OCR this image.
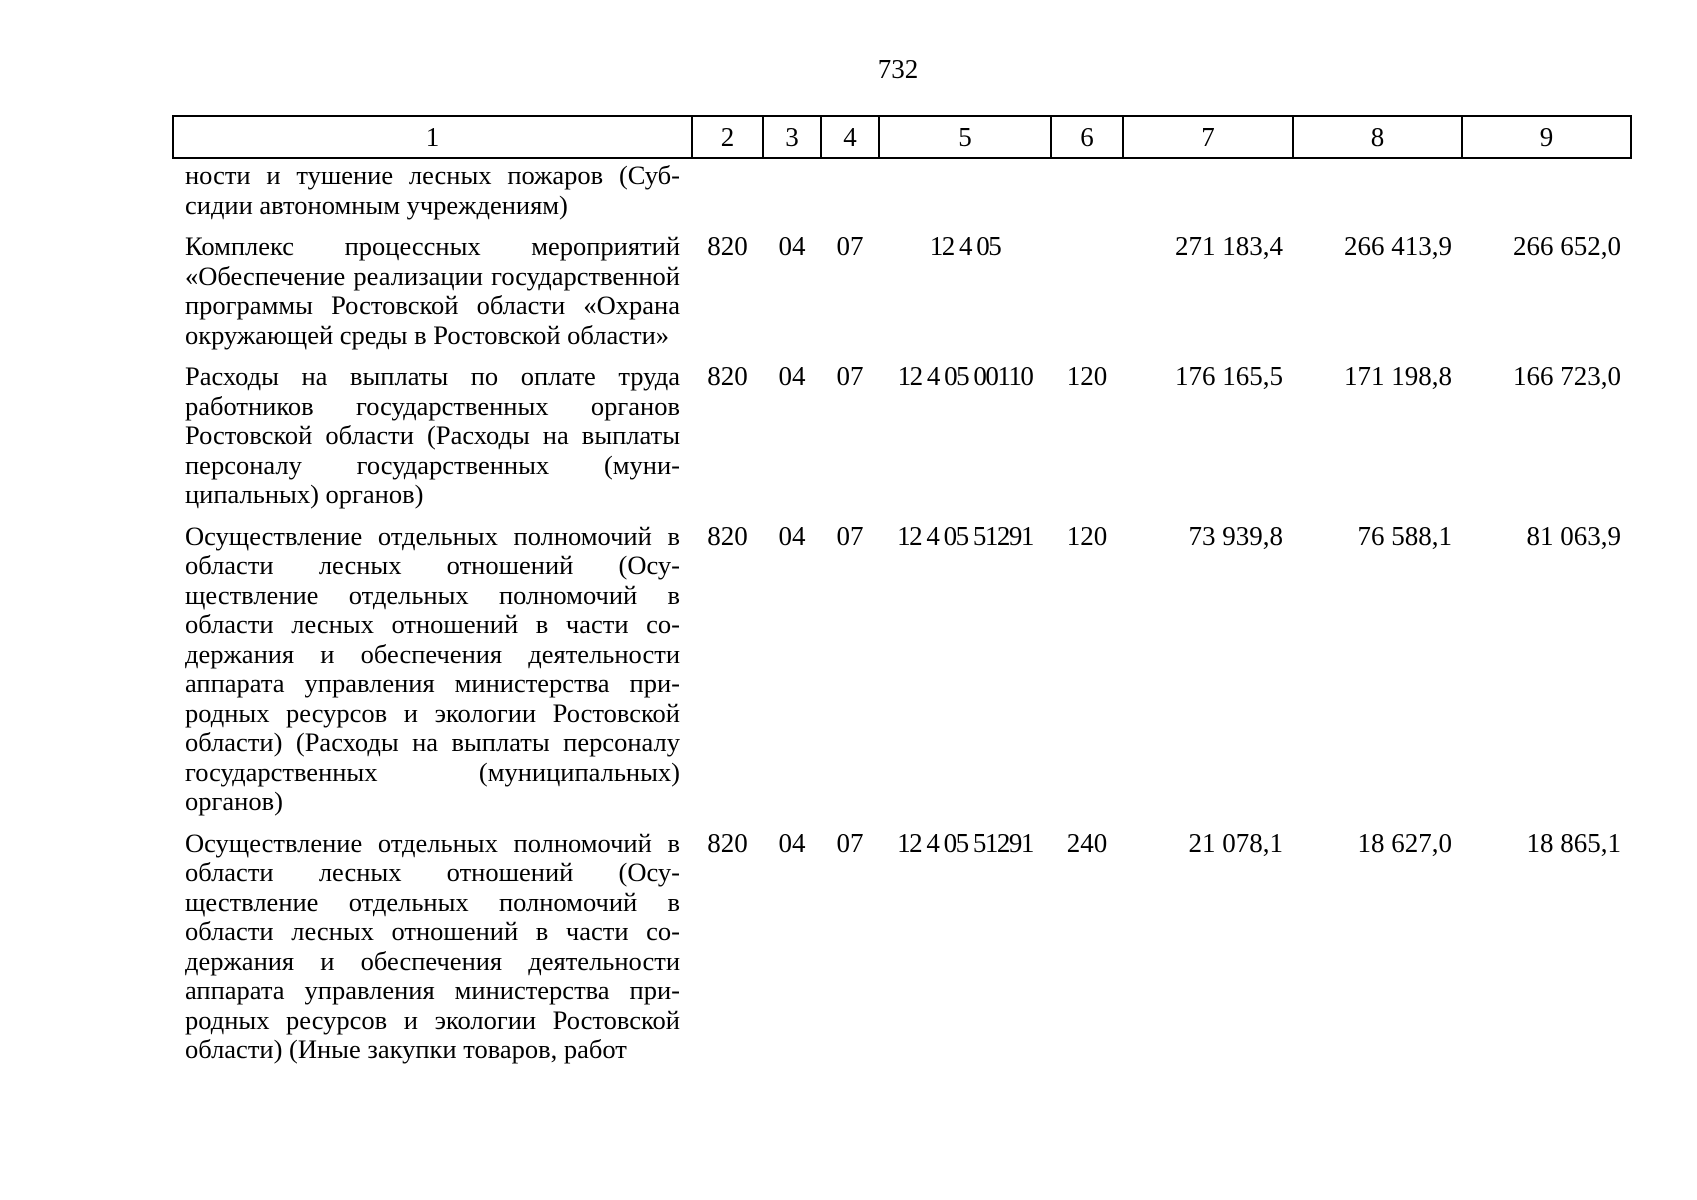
732
1	2	3	4	5	6	7	8	9
ности и тушение лесных пожаров (Субсидии автономным учреждениям)								
Комплекс процессных мероприятий «Обеспечение реализации государственной программы Ростовской области «Охрана окружающей среды в Ростовской области»	820	04	07	12 4 05		271 183,4	266 413,9	266 652,0
Расходы на выплаты по оплате труда работников государственных органов Ростовской области (Расходы на выплаты персоналу государственных (муниципальных) органов)	820	04	07	12 4 05 00110	120	176 165,5	171 198,8	166 723,0
Осуществление отдельных полномочий в области лесных отношений (Осуществление отдельных полномочий в области лесных отношений в части содержания и обеспечения деятельности аппарата управления министерства природных ресурсов и экологии Ростовской области) (Расходы на выплаты персоналу государственных (муниципальных) органов)	820	04	07	12 4 05 51291	120	73 939,8	76 588,1	81 063,9
Осуществление отдельных полномочий в области лесных отношений (Осуществление отдельных полномочий в области лесных отношений в части содержания и обеспечения деятельности аппарата управления министерства природных ресурсов и экологии Ростовской области) (Иные закупки товаров, работ	820	04	07	12 4 05 51291	240	21 078,1	18 627,0	18 865,1
